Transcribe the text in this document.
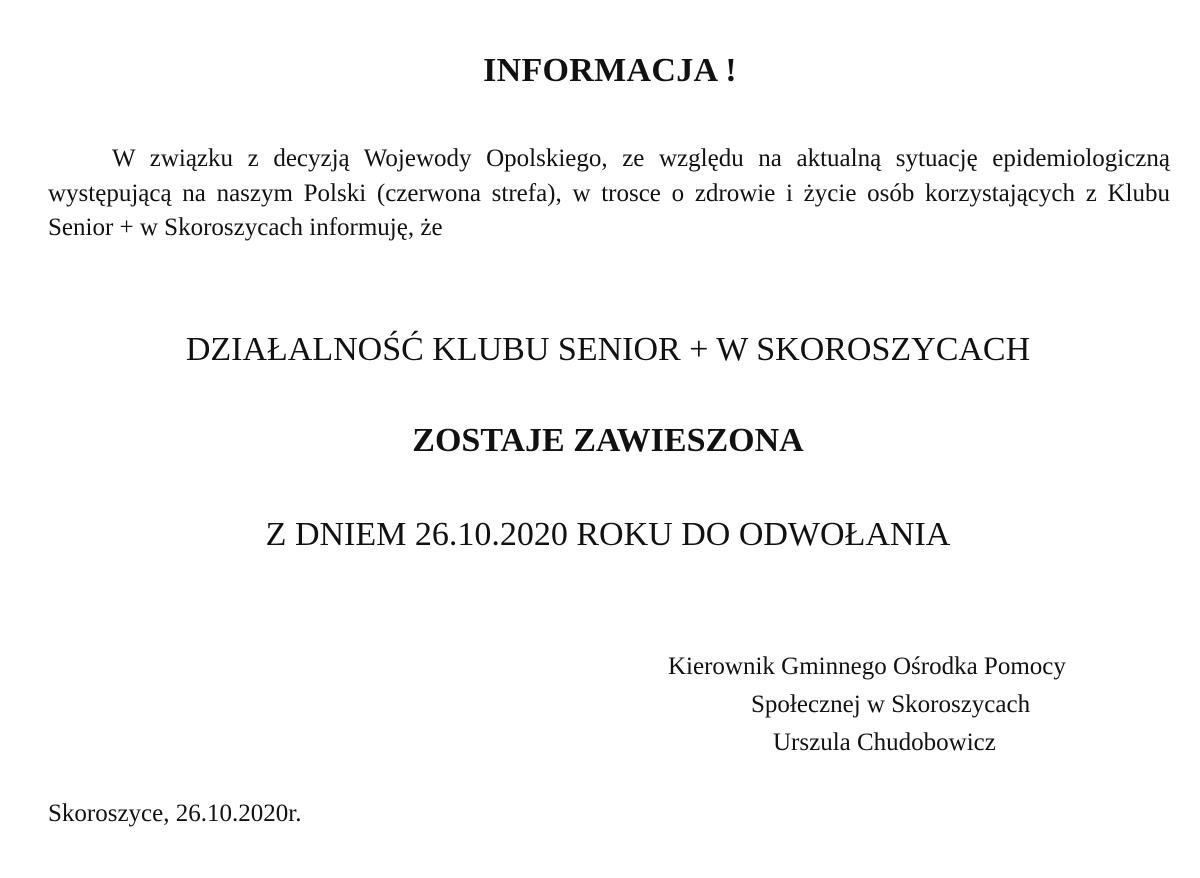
INFORMACJA !
W związku z decyzją Wojewody Opolskiego, ze względu na aktualną sytuację epidemiologiczną występującą na naszym Polski (czerwona strefa), w trosce o zdrowie i życie osób korzystających z Klubu Senior + w Skoroszycach informuję, że
DZIAŁALNOŚĆ KLUBU SENIOR + W SKOROSZYCACH
ZOSTAJE ZAWIESZONA
Z DNIEM 26.10.2020 ROKU DO ODWOŁANIA
Kierownik Gminnego Ośrodka Pomocy
Społecznej w Skoroszycach
Urszula Chudobowicz
Skoroszyce, 26.10.2020r.
